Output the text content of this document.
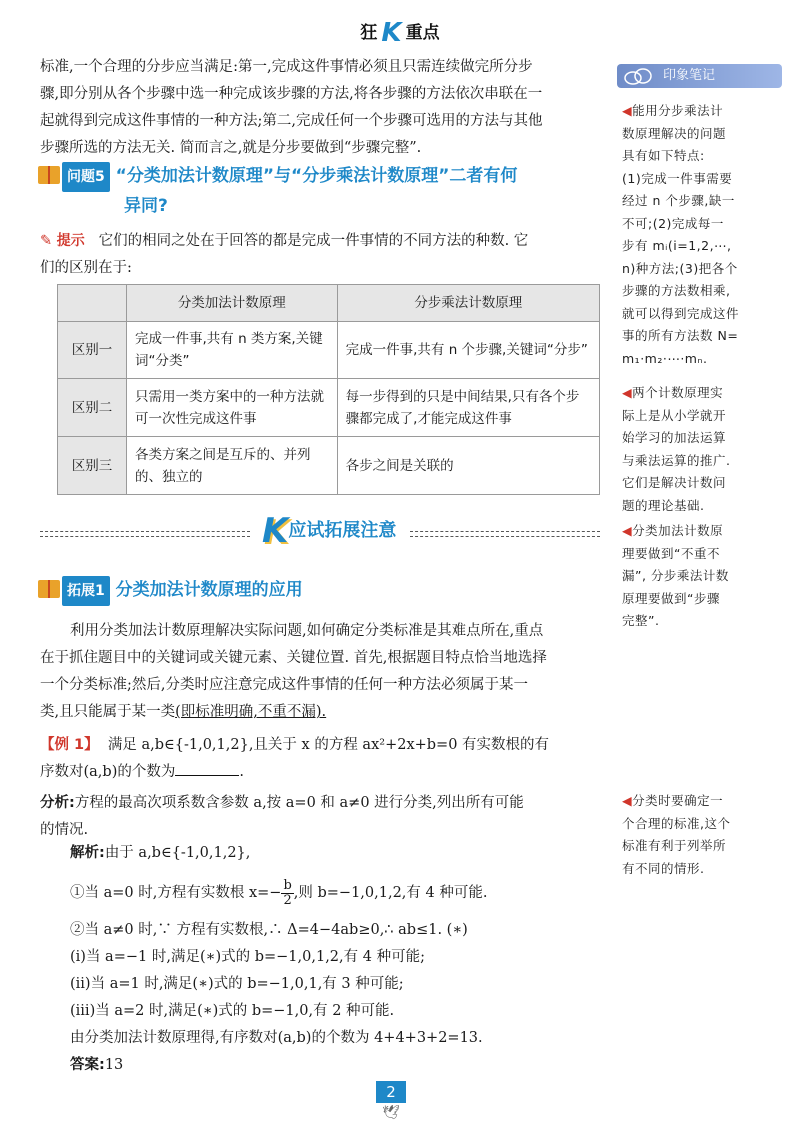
狂 K 重点
标准,一个合理的分步应当满足:第一,完成这件事情必须且只需连续做完所分步
骤,即分别从各个步骤中选一种完成该步骤的方法,将各步骤的方法依次串联在一
起就得到完成这件事情的一种方法;第二,完成任何一个步骤可选用的方法与其他
步骤所选的方法无关. 简而言之,就是分步要做到“步骤完整”.
问题5 “分类加法计数原理”与“分步乘法计数原理”二者有何
异同?
✎ 提示 它们的相同之处在于回答的都是完成一件事情的不同方法的种数. 它
们的区别在于:
	分类加法计数原理	分步乘法计数原理
区别一	完成一件事,共有 n 类方案,关键词“分类”	完成一件事,共有 n 个步骤,关键词“分步”
区别二	只需用一类方案中的一种方法就可一次性完成这件事	每一步得到的只是中间结果,只有各个步骤都完成了,才能完成这件事
区别三	各类方案之间是互斥的、并列的、独立的	各步之间是关联的
K应试拓展注意
拓展1 分类加法计数原理的应用
利用分类加法计数原理解决实际问题,如何确定分类标准是其难点所在,重点
在于抓住题目中的关键词或关键元素、关键位置. 首先,根据题目特点恰当地选择
一个分类标准;然后,分类时应注意完成这件事情的任何一种方法必须属于某一
类,且只能属于某一类(即标准明确,不重不漏).
【例 1】 满足 a,b∈{-1,0,1,2},且关于 x 的方程 ax²+2x+b=0 有实数根的有
序数对(a,b)的个数为	.
分析:方程的最高次项系数含参数 a,按 a=0 和 a≠0 进行分类,列出所有可能
的情况.
解析:由于 a,b∈{-1,0,1,2},
①当 a=0 时,方程有实数根 $x=- \frac{b}{2}$ ,则 b=−1,0,1,2,有 4 种可能.
②当 a≠0 时,∵ 方程有实数根,∴ Δ=4−4ab≥0,∴ ab≤1. (∗)
(ⅰ)当 a=−1 时,满足(∗)式的 b=−1,0,1,2,有 4 种可能;
(ⅱ)当 a=1 时,满足(∗)式的 b=−1,0,1,有 3 种可能;
(ⅲ)当 a=2 时,满足(∗)式的 b=−1,0,有 2 种可能.
由分类加法计数原理得,有序数对(a,b)的个数为 4+4+3+2=13.
答案:13
印象笔记
◀能用分步乘法计
数原理解决的问题
具有如下特点:
(1)完成一件事需要
经过 n 个步骤,缺一
不可;(2)完成每一
步有 mᵢ(i=1,2,⋯,
n)种方法;(3)把各个
步骤的方法数相乘,
就可以得到完成这件
事的所有方法数 N=
m₁·m₂·⋯·mₙ.
◀两个计数原理实
际上是从小学就开
始学习的加法运算
与乘法运算的推广.
它们是解决计数问
题的理论基础.
◀分类加法计数原
理要做到“不重不
漏”, 分步乘法计数
原理要做到“步骤
完整”.
◀分类时要确定一
个合理的标准,这个
标准有利于列举所
有不同的情形.
2
🕊
